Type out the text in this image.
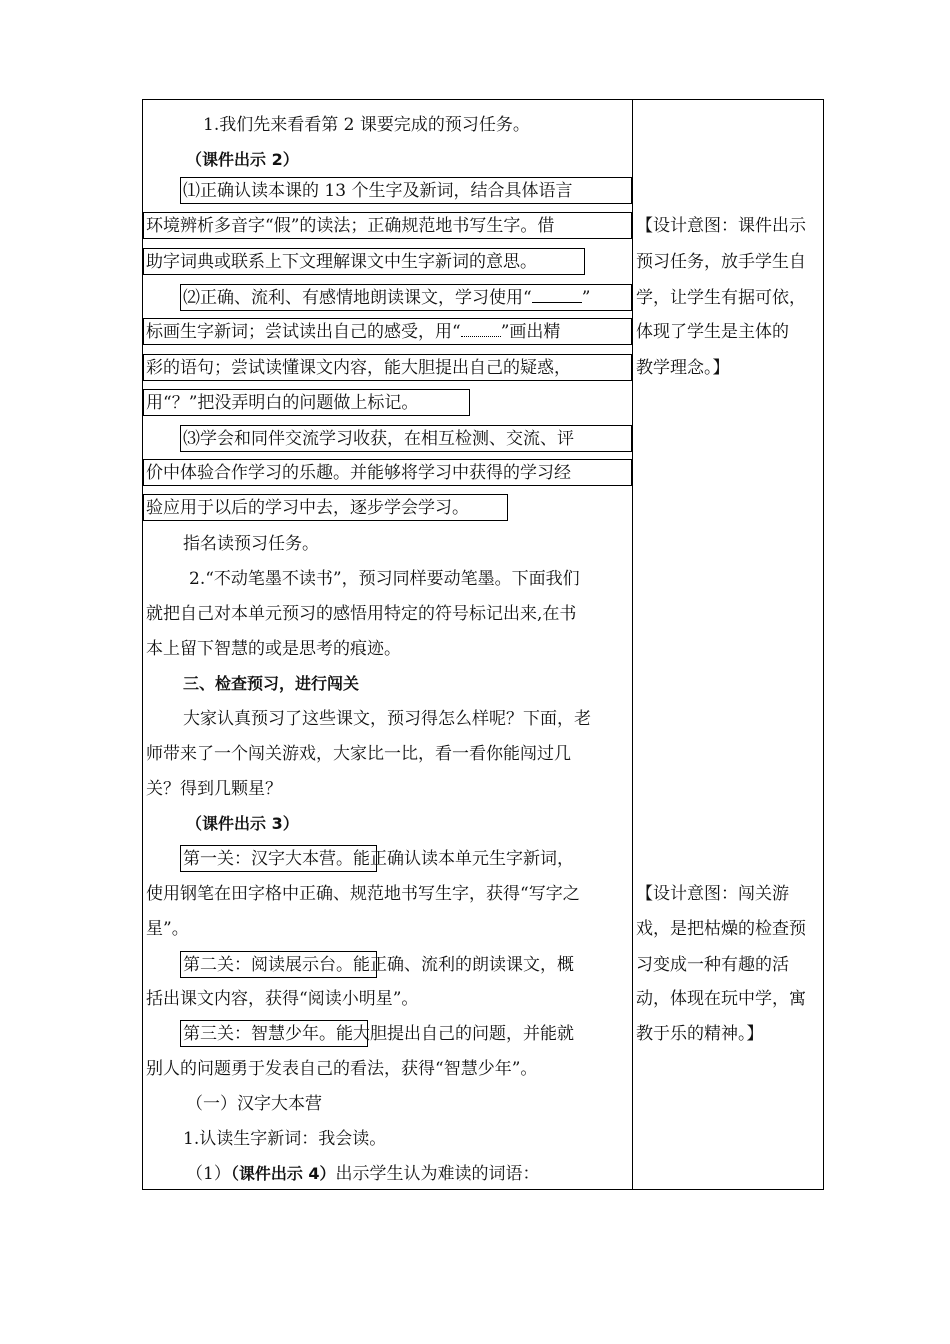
1.我们先来看看第 2 课要完成的预习任务。
（课件出示 2）
⑴正确认读本课的 13 个生字及新词，结合具体语言
环境辨析多音字“假”的读法；正确规范地书写生字。借
助字词典或联系上下文理解课文中生字新词的意思。
⑵正确、流利、有感情地朗读课文，学习使用“	”
标画生字新词；尝试读出自己的感受，用“ ”画出精
彩的语句；尝试读懂课文内容，能大胆提出自己的疑惑，
用“？”把没弄明白的问题做上标记。
⑶学会和同伴交流学习收获，在相互检测、交流、评
价中体验合作学习的乐趣。并能够将学习中获得的学习经
验应用于以后的学习中去，逐步学会学习。
指名读预习任务。
2.“不动笔墨不读书”，预习同样要动笔墨。下面我们
就把自己对本单元预习的感悟用特定的符号标记出来,在书
本上留下智慧的或是思考的痕迹。
三、检查预习，进行闯关
大家认真预习了这些课文，预习得怎么样呢？下面，老
师带来了一个闯关游戏，大家比一比，看一看你能闯过几
关？得到几颗星？
（课件出示 3）
第一关：汉字大本营。能正确认读本单元生字新词，
使用钢笔在田字格中正确、规范地书写生字，获得“写字之
星”。
第二关：阅读展示台。能正确、流利的朗读课文，概
括出课文内容，获得“阅读小明星”。
第三关：智慧少年。能大胆提出自己的问题，并能就
别人的问题勇于发表自己的看法，获得“智慧少年”。
（一）汉字大本营
1.认读生字新词：我会读。
（1）（课件出示 4）出示学生认为难读的词语：
【设计意图：课件出示
预习任务，放手学生自
学，让学生有据可依，
体现了学生是主体的
教学理念。】
【设计意图：闯关游
戏，是把枯燥的检查预
习变成一种有趣的活
动，体现在玩中学，寓
教于乐的精神。】
